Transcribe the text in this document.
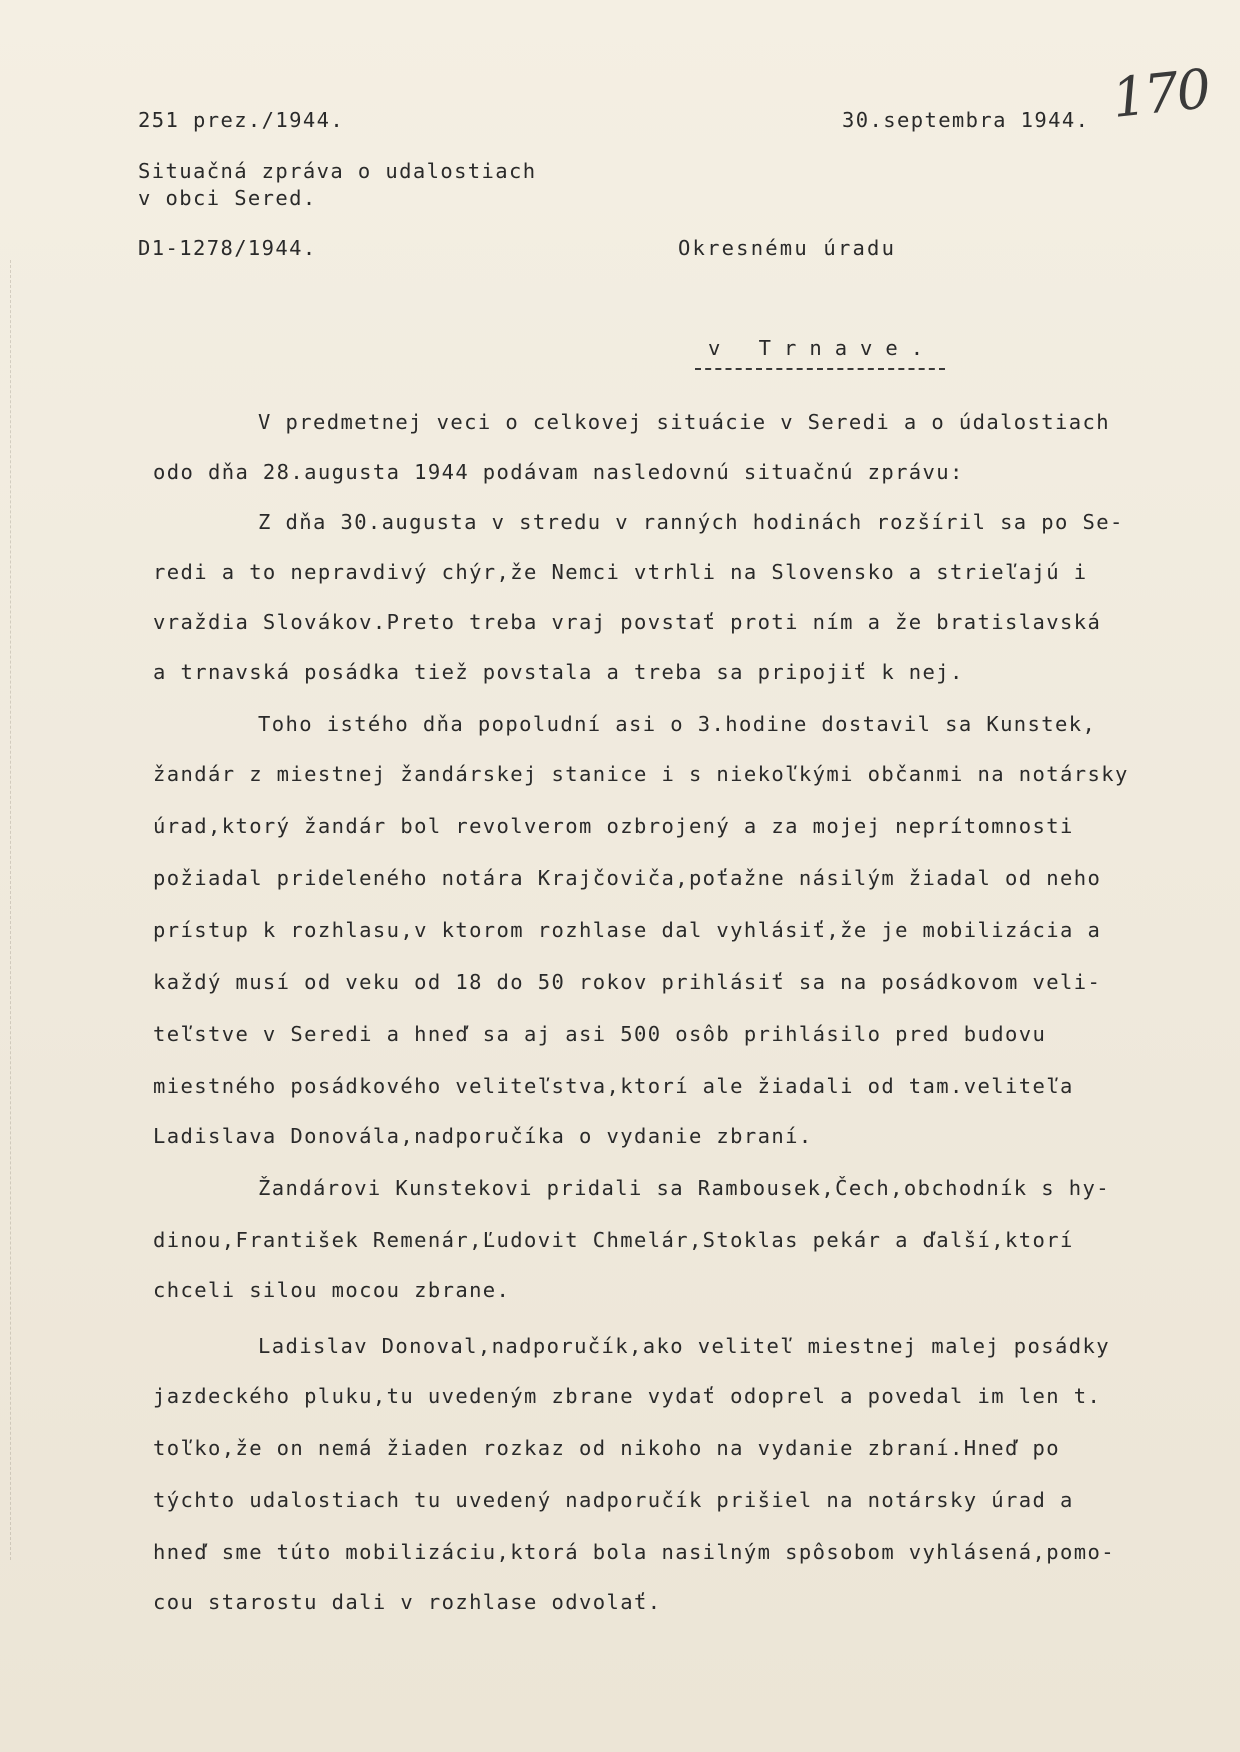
170
251 prez./1944.	30.septembra 1944.
Situačná zpráva o udalostiach
v obci Sered.
D1-1278/1944.	Okresnému úradu
v Trnave.
V predmetnej veci o celkovej situácie v Seredi a o údalostiach
odo dňa 28.augusta 1944 podávam nasledovnú situačnú zprávu:
Z dňa 30.augusta v stredu v ranných hodinách rozšíril sa po Se-
redi a to nepravdivý chýr,že Nemci vtrhli na Slovensko a strieľajú i
vraždia Slovákov.Preto treba vraj povstať proti ním a že bratislavská
a trnavská posádka tiež povstala a treba sa pripojiť k nej.
Toho istého dňa popoludní asi o 3.hodine dostavil sa Kunstek,
žandár z miestnej žandárskej stanice i s niekoľkými občanmi na notársky
úrad,ktorý žandár bol revolverom ozbrojený a za mojej neprítomnosti
požiadal prideleného notára Krajčoviča,poťažne násilým žiadal od neho
prístup k rozhlasu,v ktorom rozhlase dal vyhlásiť,že je mobilizácia a
každý musí od veku od 18 do 50 rokov prihlásiť sa na posádkovom veli-
teľstve v Seredi a hneď sa aj asi 500 osôb prihlásilo pred budovu
miestného posádkového veliteľstva,ktorí ale žiadali od tam.veliteľa
Ladislava Donoválа,nadporučíka o vydanie zbraní.
Žandárovi Kunstekovi pridali sa Rambousek,Čech,obchodník s hy-
dinou,František Remenár,Ľudovit Chmelár,Stoklas pekár a ďalší,ktorí
chceli silou mocou zbrane.
Ladislav Donoval,nadporučík,ako veliteľ miestnej malej posádky
jazdeckého pluku,tu uvedeným zbrane vydať odoprel a povedal im len t.
toľko,že on nemá žiaden rozkaz od nikoho na vydanie zbraní.Hneď po
týchto udalostiach tu uvedený nadporučík prišiel na notársky úrad a
hneď sme túto mobilizáciu,ktorá bola nasilným spôsobom vyhlásená,pomo-
cou starostu dali v rozhlase odvolať.
